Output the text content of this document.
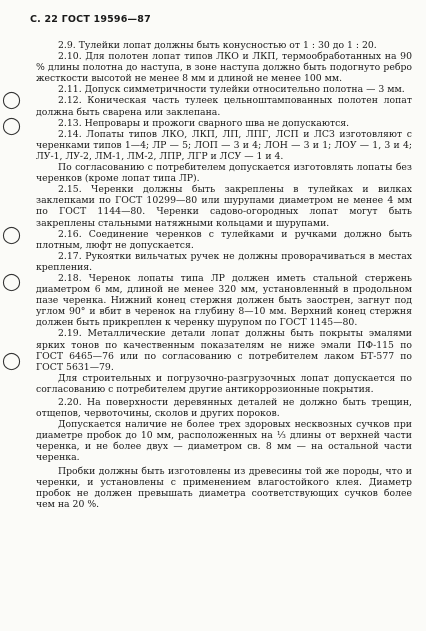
С. 22 ГОСТ 19596—87
◯
◯
◯
◯
◯

2.9. Тулейки лопат должны быть конусностью от 1 : 30 до 1 : 20.

2.10. Для полотен лопат типов ЛКО и ЛКП, термообработанных на 90 % длины полотна до наступа, в зоне наступа должно быть подогнуто ребро жесткости высотой не менее 8 мм и длиной не менее 100 мм.

2.11. Допуск симметричности тулейки относительно полотна — 3 мм.

2.12. Коническая часть тулеек цельноштампованных полотен лопат должна быть сварена или заклепана.

2.13. Непровары и прожоги сварного шва не допускаются.

2.14. Лопаты типов ЛКО, ЛКП, ЛП, ЛПГ, ЛСП и ЛСЗ изготовляют с черенками типов 1—4; ЛР — 5; ЛОП — 3 и 4; ЛОН — 3 и 1; ЛОУ — 1, 3 и 4; ЛУ-1, ЛУ-2, ЛМ-1, ЛМ-2, ЛПР, ЛГР и ЛСУ — 1 и 4.

По согласованию с потребителем допускается изготовлять лопаты без черенков (кроме лопат типа ЛР).

2.15. Черенки должны быть закреплены в тулейках и вилках заклепками по ГОСТ 10299—80 или шурупами диаметром не менее 4 мм по ГОСТ 1144—80. Черенки садово-огородных лопат могут быть закреплены стальными натяжными кольцами и шурупами.

2.16. Соединение черенков с тулейками и ручками должно быть плотным, люфт не допускается.

2.17. Рукоятки вильчатых ручек не должны проворачиваться в местах крепления.

2.18. Черенок лопаты типа ЛР должен иметь стальной стержень диаметром 6 мм, длиной не менее 320 мм, установленный в продольном пазе черенка. Нижний конец стержня должен быть заострен, загнут под углом 90° и вбит в черенок на глубину 8—10 мм. Верхний конец стержня должен быть прикреплен к черенку шурупом по ГОСТ 1145—80.

2.19. Металлические детали лопат должны быть покрыты эмалями ярких тонов по качественным показателям не ниже эмали ПФ-115 по ГОСТ 6465—76 или по согласованию с потребителем лаком БТ-577 по ГОСТ 5631—79.

Для строительных и погрузочно-разгрузочных лопат допускается по согласованию с потребителем другие антикоррозионные покрытия.

2.20. На поверхности деревянных деталей не должно быть трещин, отщепов, червоточины, сколов и других пороков.

Допускается наличие не более трех здоровых несквозных сучков при диаметре пробок до 10 мм, расположенных на ⅓ длины от верхней части черенка, и не более двух — диаметром св. 8 мм — на остальной части черенка.

Пробки должны быть изготовлены из древесины той же породы, что и черенки, и установлены с применением влагостойкого клея. Диаметр пробок не должен превышать диаметра соответствующих сучков более чем на 20 %.
